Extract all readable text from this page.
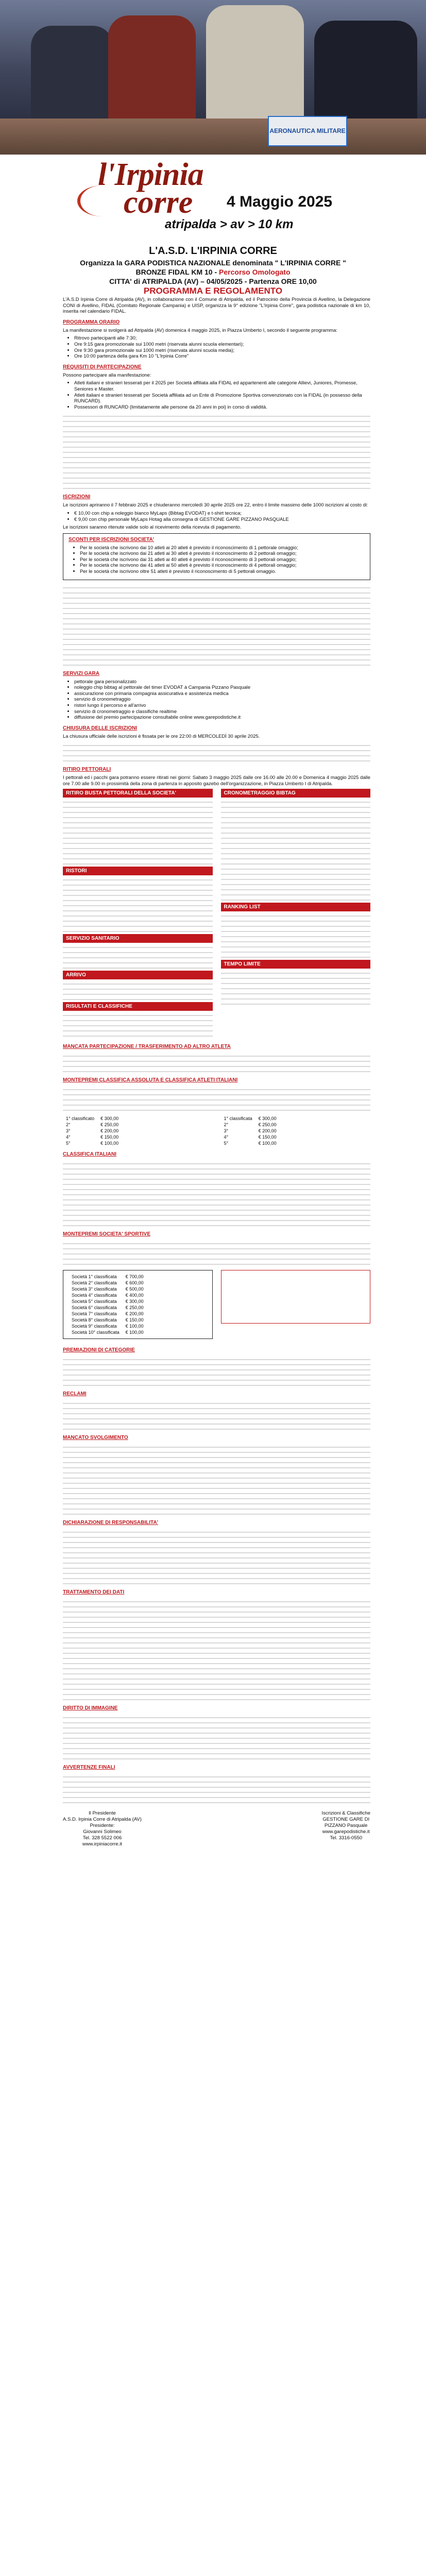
AERONAUTICA MILITARE
l'Irpinia
corre 4 Maggio 2025
atripalda > av > 10 km
L'A.S.D. L'IRPINIA CORRE
Organizza la GARA PODISTICA NAZIONALE denominata " L'IRPINIA CORRE "
BRONZE FIDAL KM 10 - Percorso Omologato
CITTA' di ATRIPALDA (AV) – 04/05/2025 - Partenza ORE 10,00
PROGRAMMA E REGOLAMENTO

L'A.S.D Irpinia Corre di Atripalda (AV), in collaborazione con il Comune di Atripalda, ed il Patrocinio della Provincia di Avellino, la Delegazione CONI di Avellino, FIDAL (Comitato Regionale Campania) e UISP, organizza la 9° edizione "L'Irpinia Corre", gara podistica nazionale di km 10, inserita nel calendario FIDAL.

PROGRAMMA ORARIO

La manifestazione si svolgerà ad Atripalda (AV) domenica 4 maggio 2025, in Piazza Umberto I, secondo il seguente programma:

• Ritrovo partecipanti alle 7:30;
• Ore 9:15 gara promozionale sui 1000 metri (riservata alunni scuola elementari);
• Ore 9:30 gara promozionale sui 1000 metri (riservata alunni scuola media);
• Ore 10:00 partenza della gara Km 10 "L'Irpinia Corre"
REQUISITI DI PARTECIPAZIONE

Possono partecipare alla manifestazione:

• Atleti italiani e stranieri tesserati per il 2025 per Società affiliata alla FIDAL ed appartenenti alle categorie Allievi, Juniores, Promesse, Seniores e Master.
• Atleti italiani e stranieri tesserati per Società affiliata ad un Ente di Promozione Sportiva convenzionato con la FIDAL (in possesso della RUNCARD).
• Possessori di RUNCARD (limitatamente alle persone da 20 anni in poi) in corso di validità.

ISCRIZIONI

Le iscrizioni apriranno il 7 febbraio 2025 e chiuderanno mercoledì 30 aprile 2025 ore 22, entro il limite massimo delle 1000 iscrizioni al costo di:

• € 10,00 con chip a noleggio bianco MyLaps (Bibtag EVODAT) e t-shirt tecnica;
• € 9,00 con chip personale MyLaps Hotag alla consegna di GESTIONE GARE PIZZANO PASQUALE

Le iscrizioni saranno ritenute valide solo al ricevimento della ricevuta di pagamento.

SCONTI PER ISCRIZIONI SOCIETA'
• Per le società che iscrivono dai 10 atleti ai 20 atleti è previsto il riconoscimento di 1 pettorale omaggio;
• Per le società che iscrivono dai 21 atleti ai 30 atleti è previsto il riconoscimento di 2 pettorali omaggio;
• Per le società che iscrivono dai 31 atleti ai 40 atleti è previsto il riconoscimento di 3 pettorali omaggio;
• Per le società che iscrivono dai 41 atleti ai 50 atleti è previsto il riconoscimento di 4 pettorali omaggio;
• Per le società che iscrivono oltre 51 atleti è previsto il riconoscimento di 5 pettorali omaggio.

SERVIZI GARA
• pettorale gara personalizzato
• noleggio chip bibtag al pettorale del timer EVODAT à Campania Pizzano Pasquale
• assicurazione con primaria compagnia assicurativa e assistenza medica
• servizio di cronometraggio
• ristori lungo il percorso e all'arrivo
• servizio di cronometraggio e classifiche realtime
• diffusione del premio partecipazione consultabile online www.garepodistiche.it
CHIUSURA DELLE ISCRIZIONI

La chiusura ufficiale delle iscrizioni è fissata per le ore 22:00 di MERCOLEDÌ 30 aprile 2025.

RITIRO PETTORALI

I pettorali ed i pacchi gara potranno essere ritirati nei giorni: Sabato 3 maggio 2025 dalle ore 16.00 alle 20.00 e Domenica 4 maggio 2025 dalle ore 7.00 alle 9.00 in prossimità della zona di partenza in apposito gazebo dell'organizzazione, in Piazza Umberto I di Atripalda.

RITIRO BUSTA PETTORALI DELLA SOCIETA'

RISTORI

SERVIZIO SANITARIO

ARRIVO

RISULTATI E CLASSIFICHE

CRONOMETRAGGIO BIBTAG

RANKING LIST

TEMPO LIMITE

MANCATA PARTECIPAZIONE / TRASFERIMENTO AD ALTRO ATLETA

MONTEPREMI CLASSIFICA ASSOLUTA E CLASSIFICA ATLETI ITALIANI

1° classificato	€ 300,00
2°	€ 250,00
3°	€ 200,00
4°	€ 150,00
5°	€ 100,00
1° classificata	€ 300,00
2°	€ 250,00
3°	€ 200,00
4°	€ 150,00
5°	€ 100,00
CLASSIFICA ITALIANI

MONTEPREMI SOCIETA' SPORTIVE

Società 1° classificata	€ 700,00
Società 2° classificata	€ 600,00
Società 3° classificata	€ 500,00
Società 4° classificata	€ 400,00
Società 5° classificata	€ 300,00
Società 6° classificata	€ 250,00
Società 7° classificata	€ 200,00
Società 8° classificata	€ 150,00
Società 9° classificata	€ 100,00
Società 10° classificata	€ 100,00
PREMIAZIONI DI CATEGORIE

RECLAMI

MANCATO SVOLGIMENTO

DICHIARAZIONE DI RESPONSABILITA'

TRATTAMENTO DEI DATI

DIRITTO DI IMMAGINE

AVVERTENZE FINALI

Il Presidente
A.S.D. Irpinia Corre di Atripalda (AV)
Presidente:
Giovanni Solimeo
Tel. 328 5522 006
www.irpiniacorre.it
Iscrizioni & Classifiche
GESTIONE GARE DI
PIZZANO Pasquale
www.garepodistiche.it
Tel. 3316-0550
